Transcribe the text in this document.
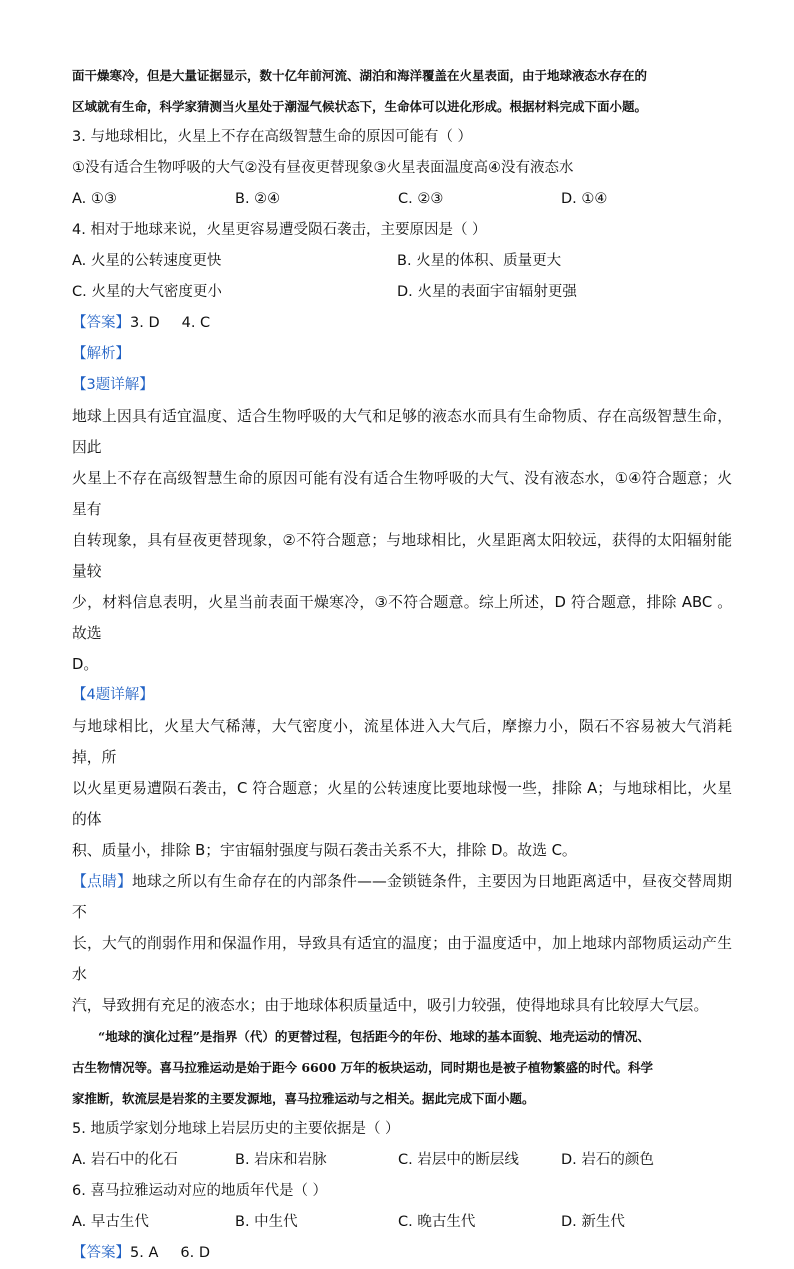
面干燥寒冷，但是大量证据显示，数十亿年前河流、湖泊和海洋覆盖在火星表面，由于地球液态水存在的
区域就有生命，科学家猜测当火星处于潮湿气候状态下，生命体可以进化形成。根据材料完成下面小题。
3. 与地球相比，火星上不存在高级智慧生命的原因可能有（ ）
①没有适合生物呼吸的大气②没有昼夜更替现象③火星表面温度高④没有液态水
A. ①③	B. ②④	C. ②③	D. ①④
4. 相对于地球来说，火星更容易遭受陨石袭击，主要原因是（ ）
A. 火星的公转速度更快	B. 火星的体积、质量更大
C. 火星的大气密度更小	D. 火星的表面宇宙辐射更强
【答案】3. D 4. C
【解析】
【3题详解】
地球上因具有适宜温度、适合生物呼吸的大气和足够的液态水而具有生命物质、存在高级智慧生命，因此
火星上不存在高级智慧生命的原因可能有没有适合生物呼吸的大气、没有液态水，①④符合题意；火星有
自转现象，具有昼夜更替现象，②不符合题意；与地球相比，火星距离太阳较远，获得的太阳辐射能量较
少，材料信息表明，火星当前表面干燥寒冷，③不符合题意。综上所述，D 符合题意，排除 ABC 。故选
D。
【4题详解】
与地球相比，火星大气稀薄，大气密度小，流星体进入大气后，摩擦力小，陨石不容易被大气消耗掉，所
以火星更易遭陨石袭击，C 符合题意；火星的公转速度比要地球慢一些，排除 A；与地球相比，火星的体
积、质量小，排除 B；宇宙辐射强度与陨石袭击关系不大，排除 D。故选 C。
【点睛】地球之所以有生命存在的内部条件——金锁链条件，主要因为日地距离适中，昼夜交替周期不
长，大气的削弱作用和保温作用，导致具有适宜的温度；由于温度适中，加上地球内部物质运动产生水
汽，导致拥有充足的液态水；由于地球体积质量适中，吸引力较强，使得地球具有比较厚大气层。
“地球的演化过程”是指界（代）的更替过程，包括距今的年份、地球的基本面貌、地壳运动的情况、
古生物情况等。喜马拉雅运动是始于距今 6600 万年的板块运动，同时期也是被子植物繁盛的时代。科学
家推断，软流层是岩浆的主要发源地，喜马拉雅运动与之相关。据此完成下面小题。
5. 地质学家划分地球上岩层历史的主要依据是（ ）
A. 岩石中的化石	B. 岩床和岩脉	C. 岩层中的断层线	D. 岩石的颜色
6. 喜马拉雅运动对应的地质年代是（ ）
A. 早古生代	B. 中生代	C. 晚古生代	D. 新生代
【答案】5. A 6. D
